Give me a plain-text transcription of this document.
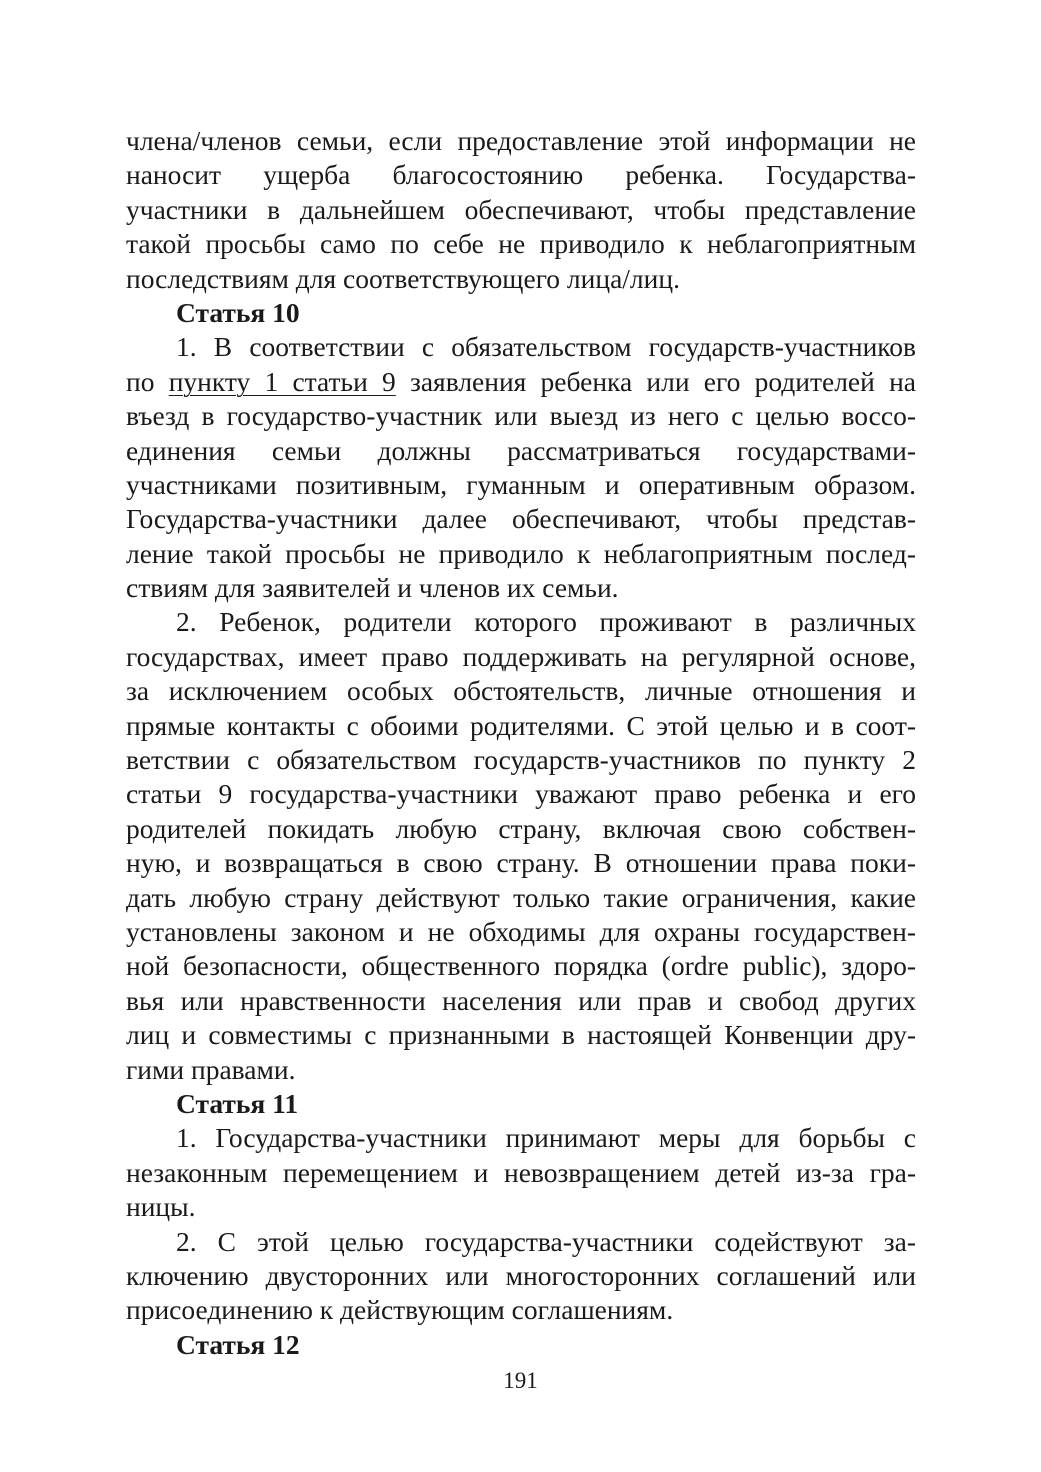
члена/членов семьи, если предоставление этой информации не
наносит ущерба благосостоянию ребенка. Государства-
участники в дальнейшем обеспечивают, чтобы представление
такой просьбы само по себе не приводило к неблагоприятным
последствиям для соответствующего лица/лиц.
Статья 10
1. В соответствии с обязательством государств-участников
по пункту 1 статьи 9 заявления ребенка или его родителей на
въезд в государство-участник или выезд из него с целью воссо-
единения семьи должны рассматриваться государствами-
участниками позитивным, гуманным и оперативным образом.
Государства-участники далее обеспечивают, чтобы представ-
ление такой просьбы не приводило к неблагоприятным послед-
ствиям для заявителей и членов их семьи.
2. Ребенок, родители которого проживают в различных
государствах, имеет право поддерживать на регулярной основе,
за исключением особых обстоятельств, личные отношения и
прямые контакты с обоими родителями. С этой целью и в соот-
ветствии с обязательством государств-участников по пункту 2
статьи 9 государства-участники уважают право ребенка и его
родителей покидать любую страну, включая свою собствен-
ную, и возвращаться в свою страну. В отношении права поки-
дать любую страну действуют только такие ограничения, какие
установлены законом и не обходимы для охраны государствен-
ной безопасности, общественного порядка (ordre public), здоро-
вья или нравственности населения или прав и свобод других
лиц и совместимы с признанными в настоящей Конвенции дру-
гими правами.
Статья 11
1. Государства-участники принимают меры для борьбы с
незаконным перемещением и невозвращением детей из-за гра-
ницы.
2. С этой целью государства-участники содействуют за-
ключению двусторонних или многосторонних соглашений или
присоединению к действующим соглашениям.
Статья 12
191
